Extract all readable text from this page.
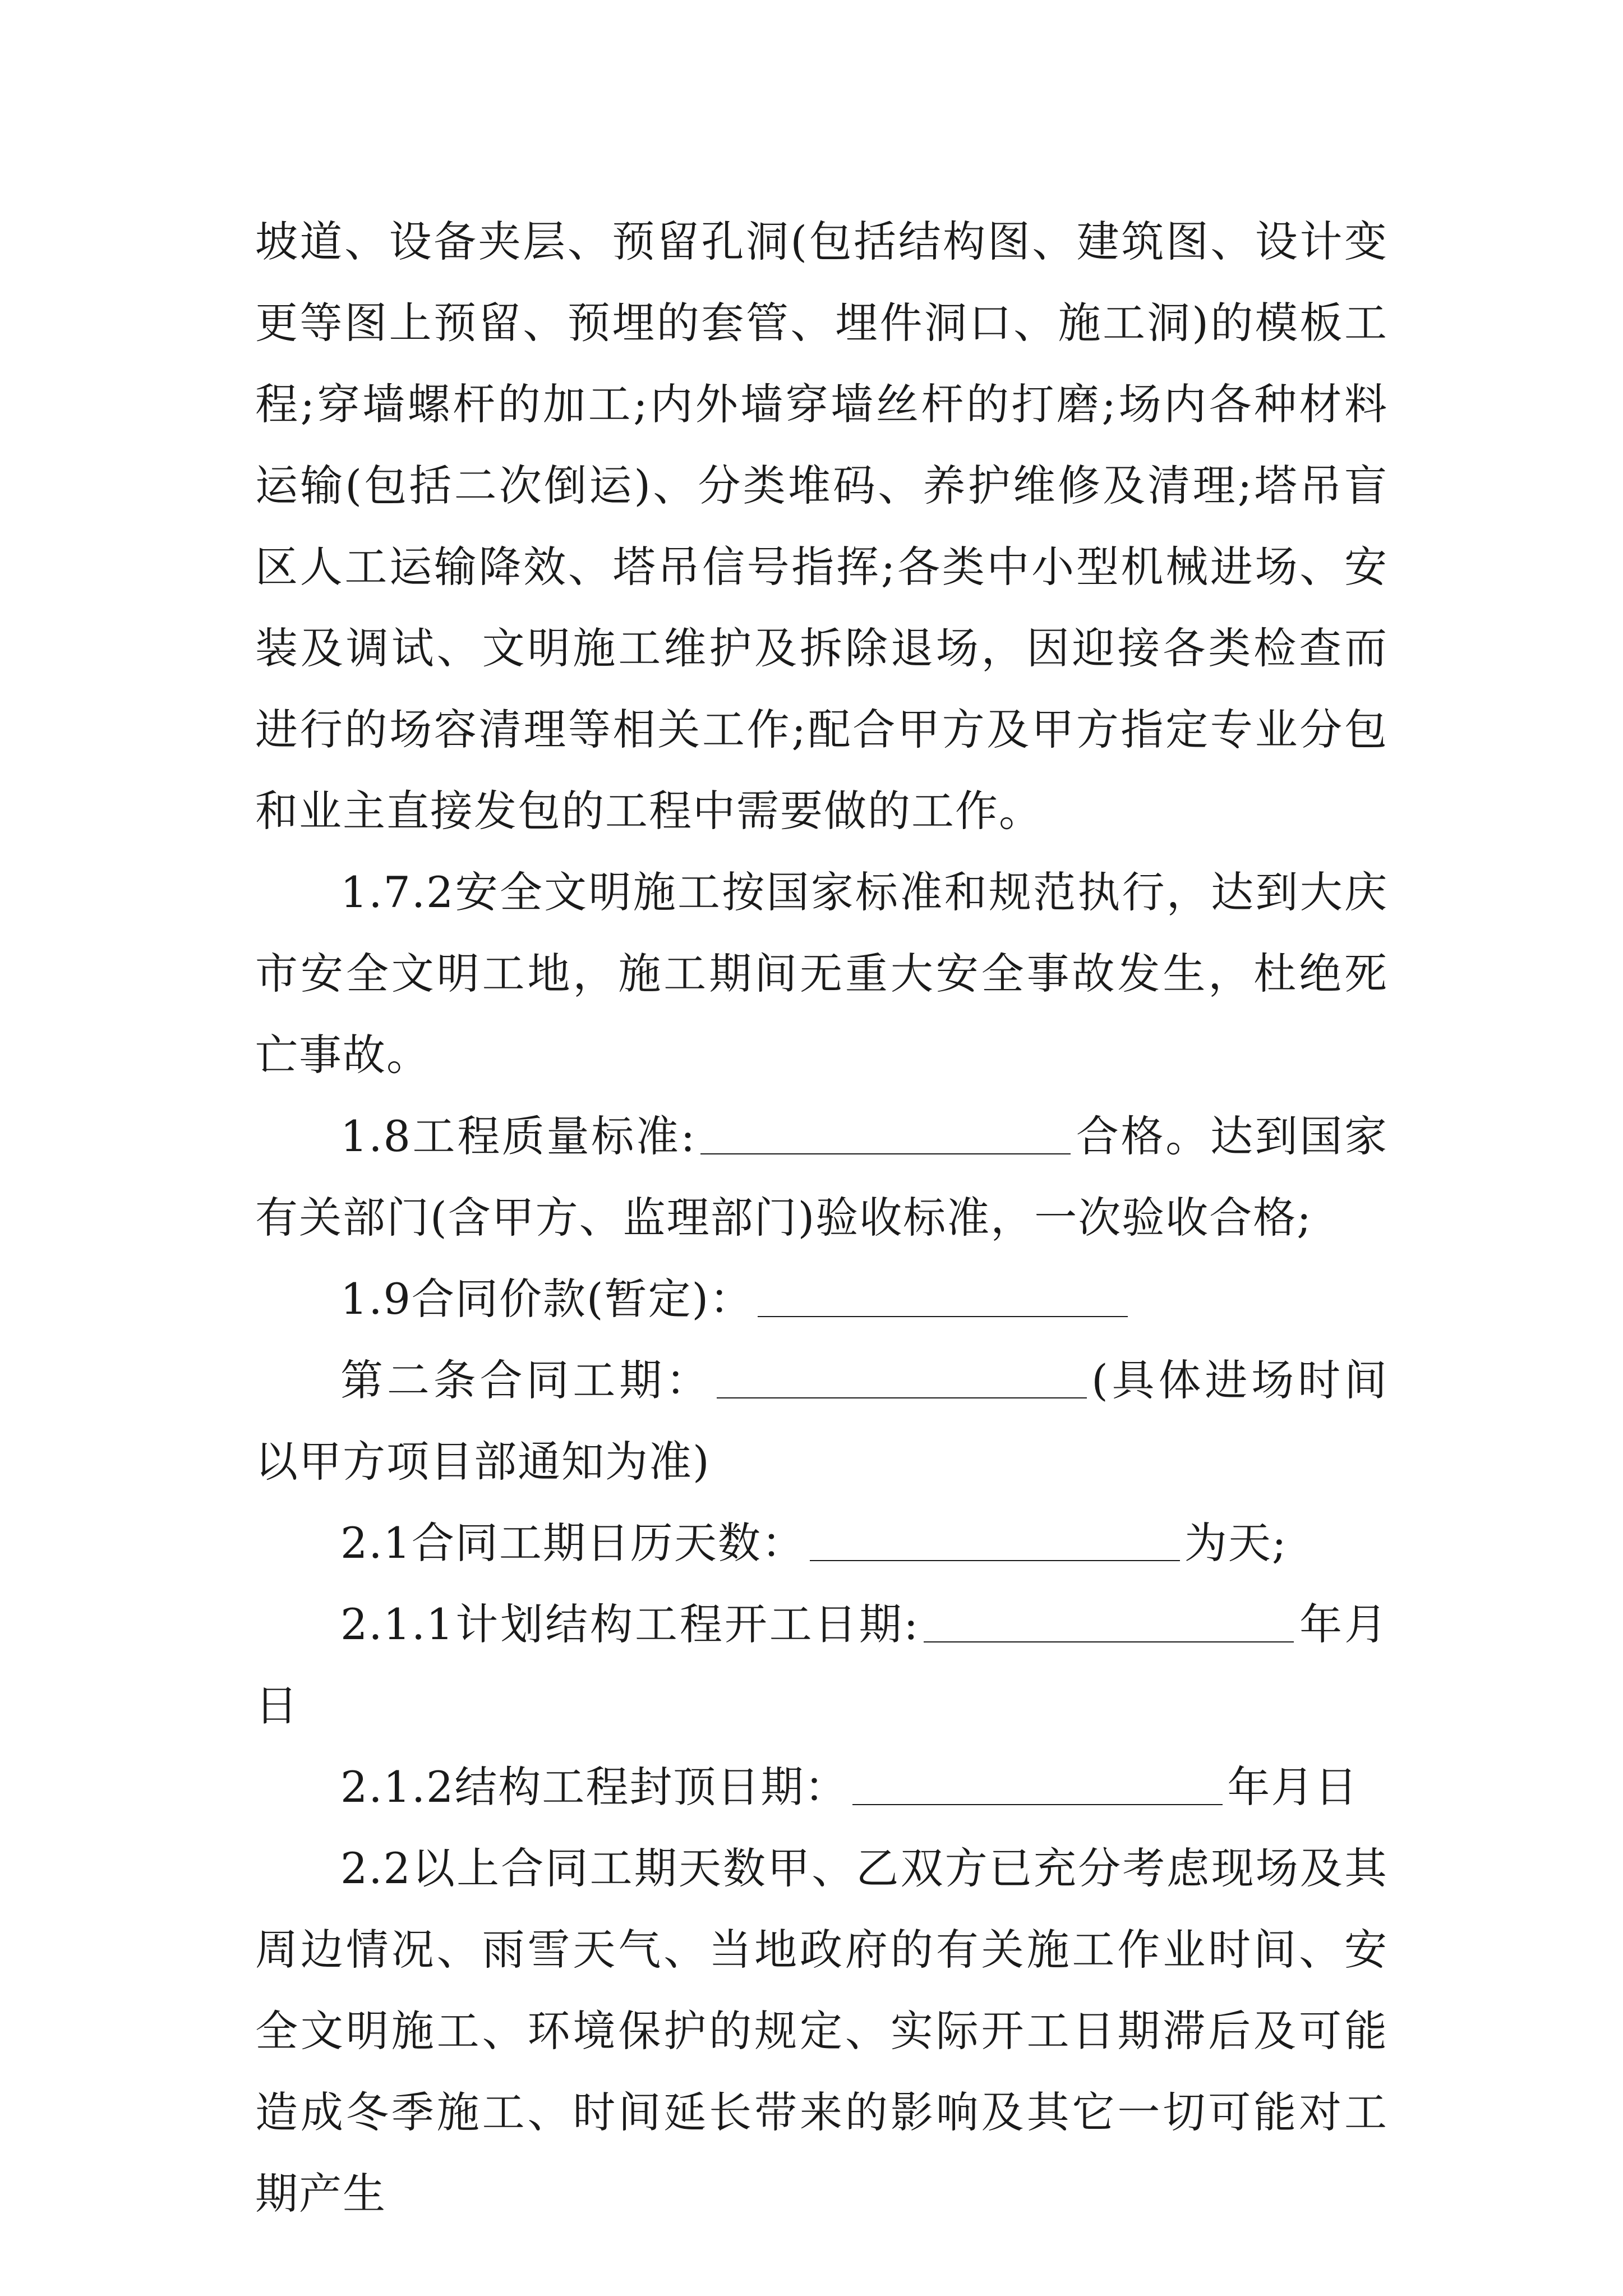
坡道、设备夹层、预留孔洞(包括结构图、建筑图、设计变更等图上预留、预埋的套管、埋件洞口、施工洞)的模板工程;穿墙螺杆的加工;内外墙穿墙丝杆的打磨;场内各种材料运输(包括二次倒运)、分类堆码、养护维修及清理;塔吊盲区人工运输降效、塔吊信号指挥;各类中小型机械进场、安装及调试、文明施工维护及拆除退场，因迎接各类检查而进行的场容清理等相关工作;配合甲方及甲方指定专业分包和业主直接发包的工程中需要做的工作。

1.7.2安全文明施工按国家标准和规范执行，达到大庆市安全文明工地，施工期间无重大安全事故发生，杜绝死亡事故。

1.8工程质量标准:	合格。达到国家有关部门(含甲方、监理部门)验收标准，一次验收合格;

1.9合同价款(暂定)：

第二条合同工期：	(具体进场时间以甲方项目部通知为准)

2.1合同工期日历天数：	为天;

2.1.1计划结构工程开工日期:	年月日

2.1.2结构工程封顶日期：	年月日

2.2以上合同工期天数甲、乙双方已充分考虑现场及其周边情况、雨雪天气、当地政府的有关施工作业时间、安全文明施工、环境保护的规定、实际开工日期滞后及可能造成冬季施工、时间延长带来的影响及其它一切可能对工期产生
